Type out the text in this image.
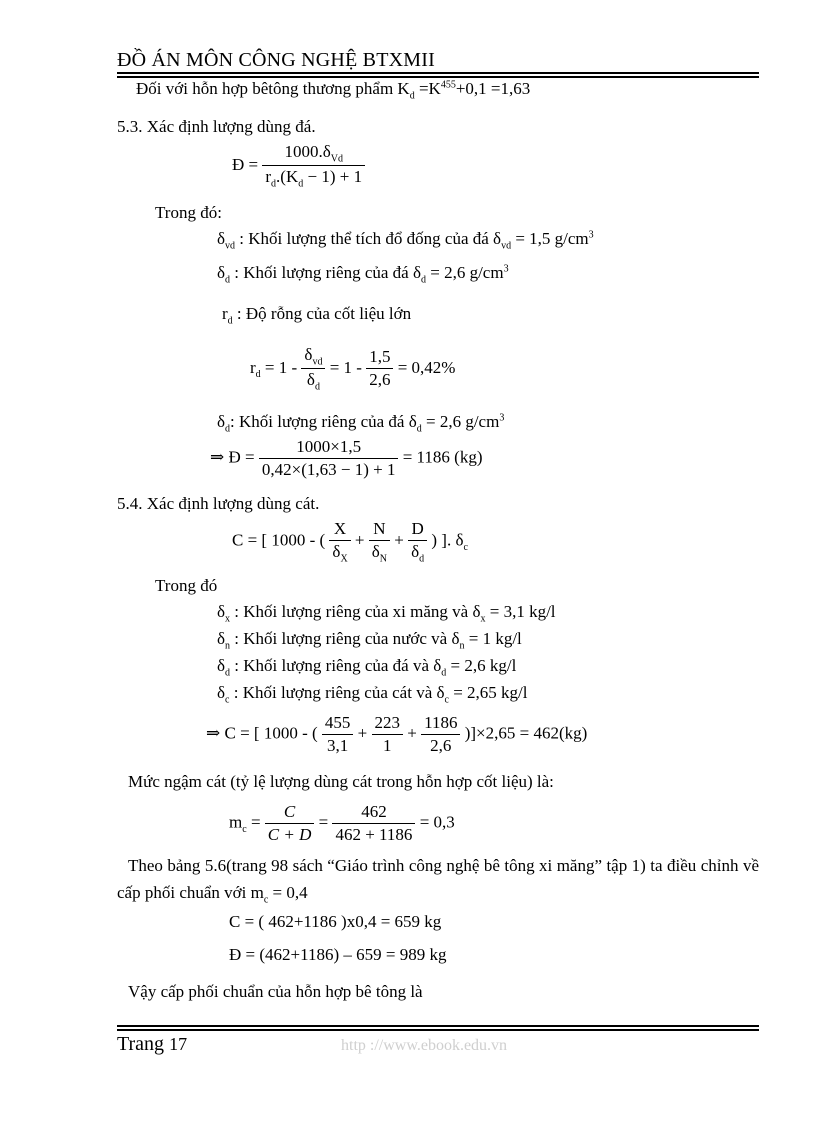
ĐỒ ÁN MÔN CÔNG NGHỆ BTXMII
Đối với hỗn hợp bêtông thương phẩm $K_d =K^{455}+0,1 =1,63$
5.3. Xác định lượng dùng đá.
Đ = $\frac{1000.\delta_{Vd}}{r_d.(K_d - 1) + 1}$
Trong đó:
$\delta_{vd}$ : Khối lượng thể tích đổ đống của đá $\delta_{vd} = 1,5$ $g/cm^3$
$\delta_d$ : Khối lượng riêng của đá $\delta_d = 2,6$ $g/cm^3$
$r_d$ : Độ rỗng của cốt liệu lớn
$r_d = 1 - \frac{\delta_{vd}}{\delta_d} = 1 - \frac{1,5}{2,6} = 0,42\%$
$\delta_d$: Khối lượng riêng của đá $\delta_d = 2,6$ $g/cm^3$
⇒ Đ = $\frac{1000\times 1,5}{0,42\times(1,63 - 1) + 1} = 1186$ (kg)
5.4. Xác định lượng dùng cát.
C = [ 1000 - ( $\frac{X}{\delta_X} + \frac{N}{\delta_N} + \frac{D}{\delta_d}$ ) ]. $\delta_c$
Trong đó
$\delta_x$ : Khối lượng riêng của xi măng và $\delta_x = 3,1$ kg/l
$\delta_n$ : Khối lượng riêng của nước và $\delta_n = 1$ kg/l
$\delta_d$ : Khối lượng riêng của đá và $\delta_d = 2,6$ kg/l
$\delta_c$ : Khối lượng riêng của cát và $\delta_c = 2,65$ kg/l
⇒ C = [ 1000 - ( $\frac{455}{3,1} + \frac{223}{1} + \frac{1186}{2,6} )]\times 2,65 = 462(kg)$
Mức ngậm cát (tỷ lệ lượng dùng cát trong hỗn hợp cốt liệu) là:
$m_c = \frac{C}{C + D} = \frac{462}{462 + 1186} = 0,3$
Theo bảng 5.6(trang 98 sách “Giáo trình công nghệ bê tông xi măng” tập 1) ta điều chỉnh về cấp phối chuẩn với $m_c = 0,4$
C = ( 462+1186 )x0,4 = 659 kg
Đ = (462+1186) – 659 = 989 kg
Vậy cấp phối chuẩn của hỗn hợp bê tông là
Trang 17	http ://www.ebook.edu.vn
